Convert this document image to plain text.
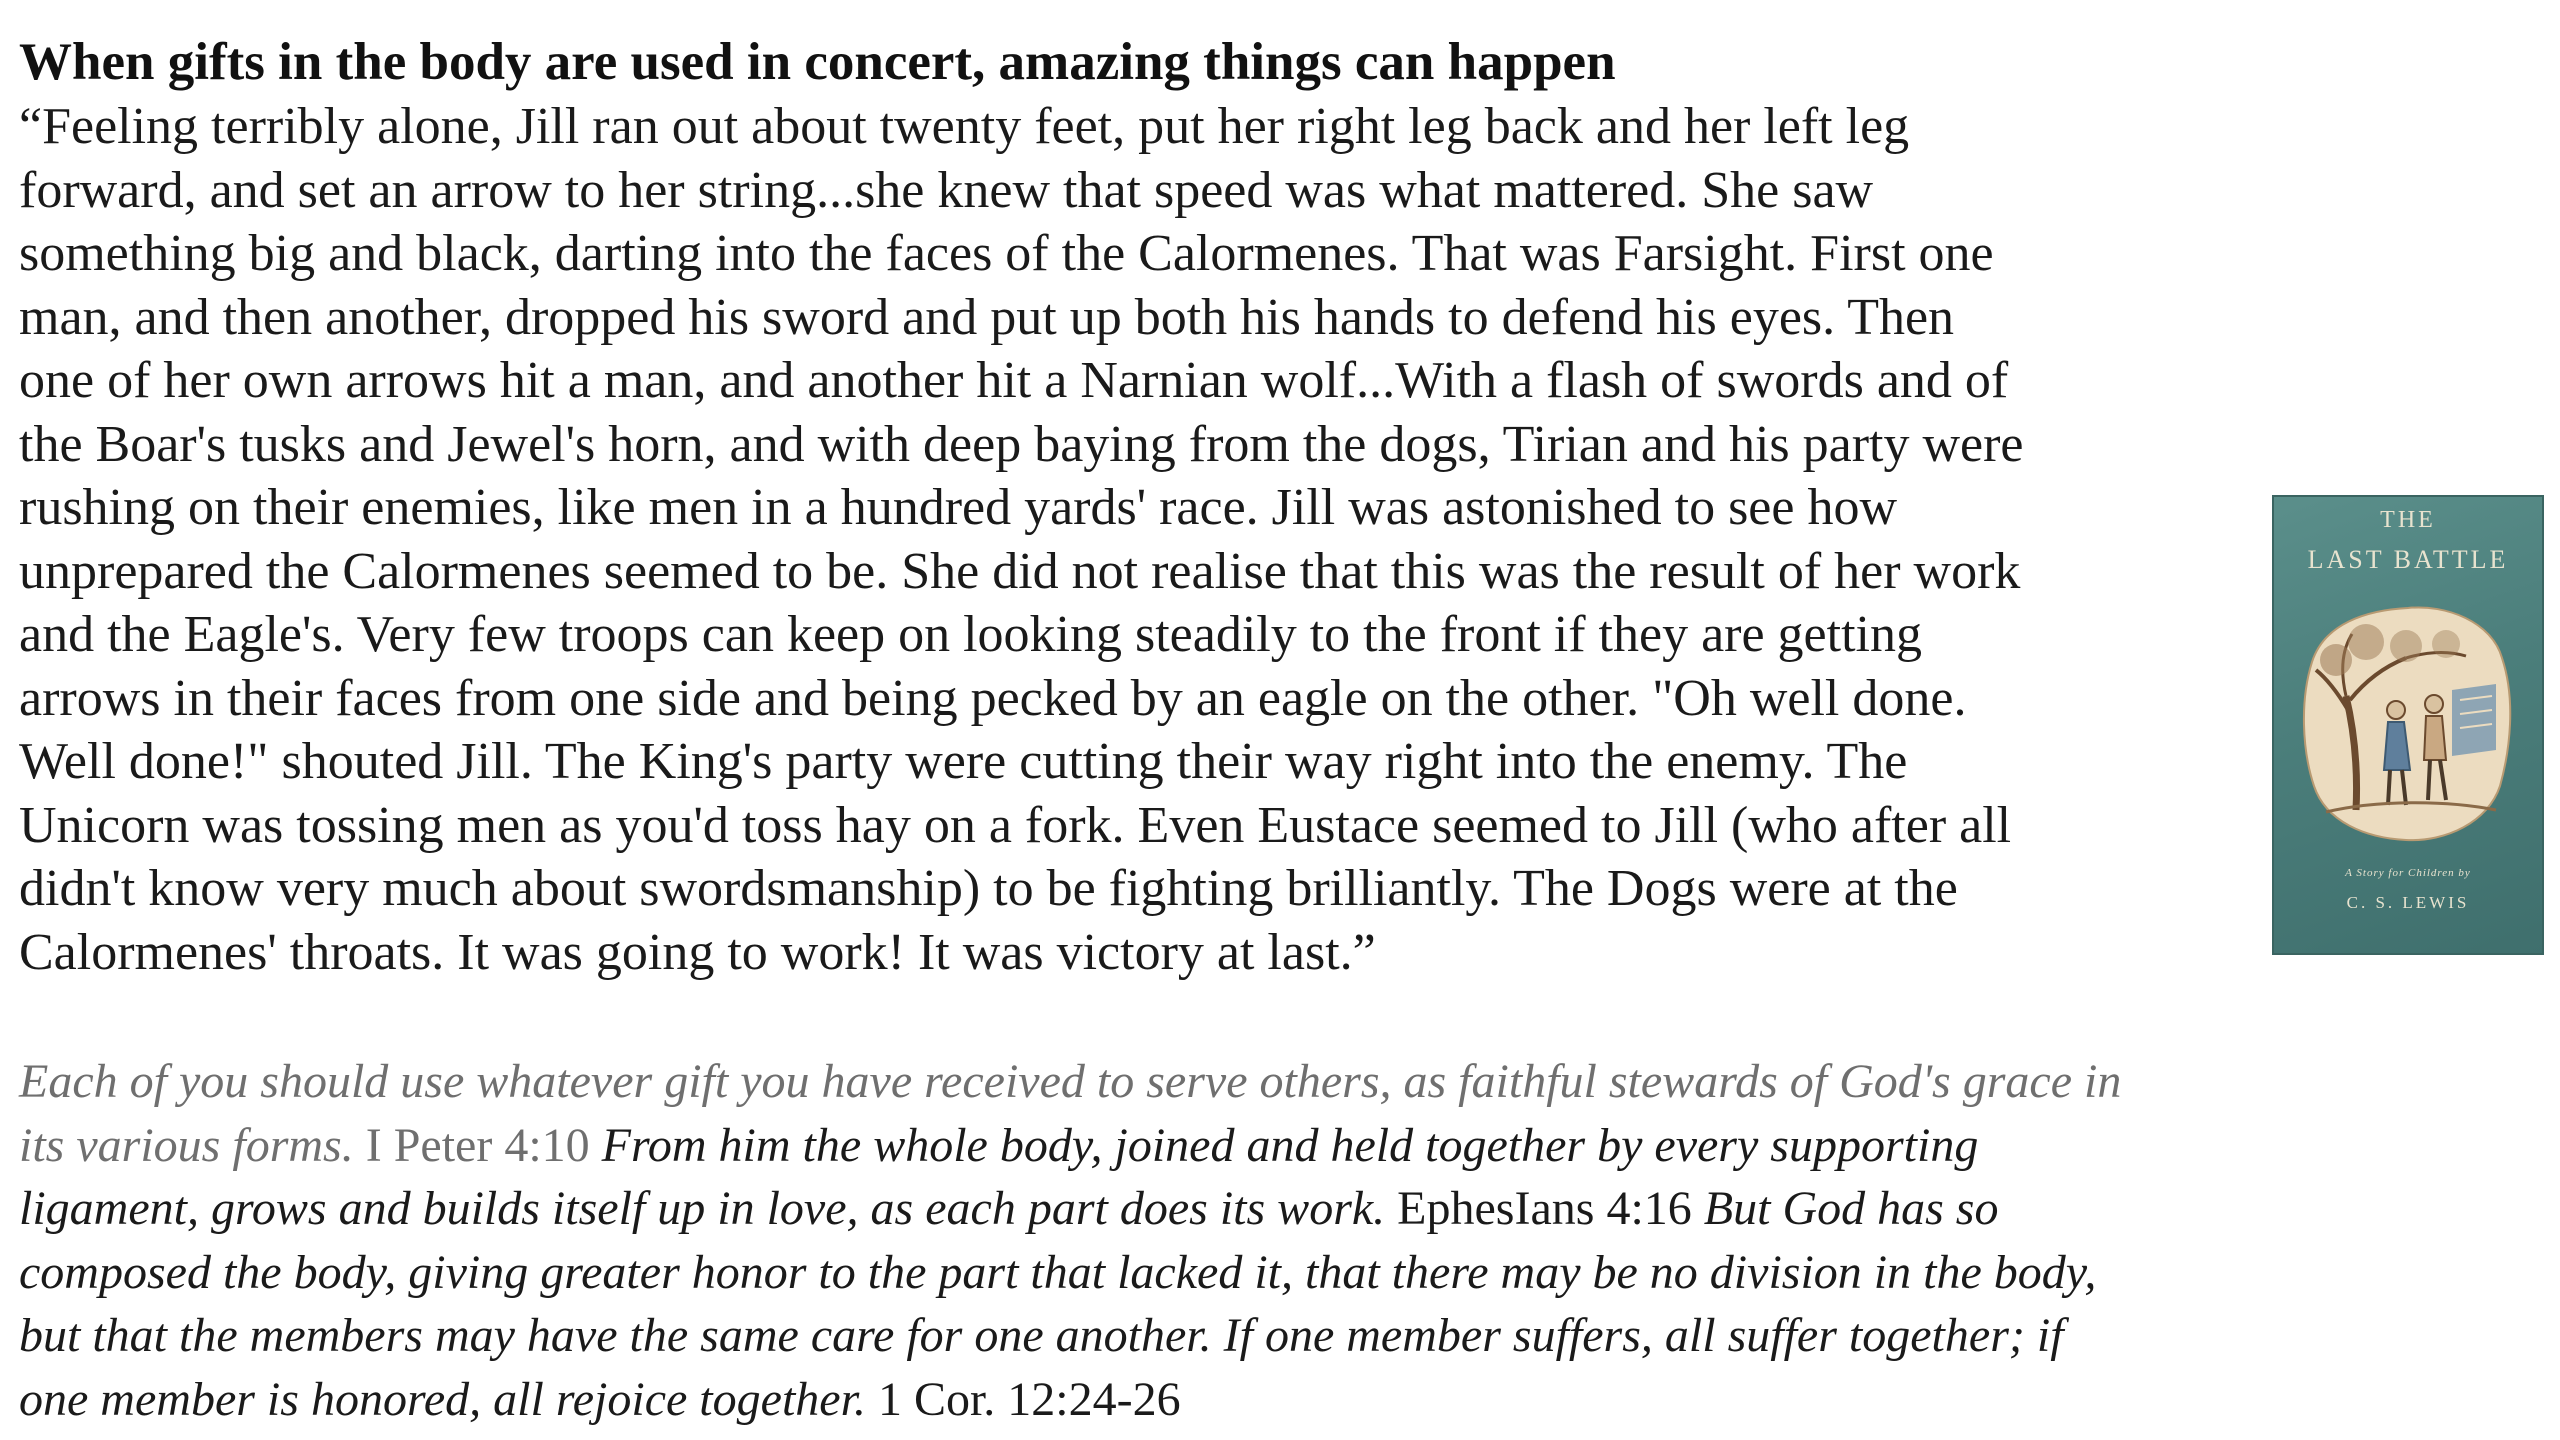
When gifts in the body are used in concert, amazing things can happen
“Feeling terribly alone, Jill ran out about twenty feet, put her right leg back and her left leg
forward, and set an arrow to her string...she knew that speed was what mattered. She saw
something big and black, darting into the faces of the Calormenes. That was Farsight. First one
man, and then another, dropped his sword and put up both his hands to defend his eyes. Then
one of her own arrows hit a man, and another hit a Narnian wolf...With a flash of swords and of
the Boar's tusks and Jewel's horn, and with deep baying from the dogs, Tirian and his party were
rushing on their enemies, like men in a hundred yards' race. Jill was astonished to see how
unprepared the Calormenes seemed to be. She did not realise that this was the result of her work
and the Eagle's. Very few troops can keep on looking steadily to the front if they are getting
arrows in their faces from one side and being pecked by an eagle on the other. "Oh well done.
Well done!" shouted Jill. The King's party were cutting their way right into the enemy. The
Unicorn was tossing men as you'd toss hay on a fork. Even Eustace seemed to Jill (who after all
didn't know very much about swordsmanship) to be fighting brilliantly. The Dogs were at the
Calormenes' throats. It was going to work! It was victory at last.”
THE
LAST BATTLE
A Story for Children by
C. S. LEWIS
Each of you should use whatever gift you have received to serve others, as faithful stewards of God's grace in
its various forms. I Peter 4:10 From him the whole body, joined and held together by every supporting
ligament, grows and builds itself up in love, as each part does its work. EphesIans 4:16 But God has so
composed the body, giving greater honor to the part that lacked it, that there may be no division in the body,
but that the members may have the same care for one another. If one member suffers, all suffer together; if
one member is honored, all rejoice together. 1 Cor. 12:24-26
